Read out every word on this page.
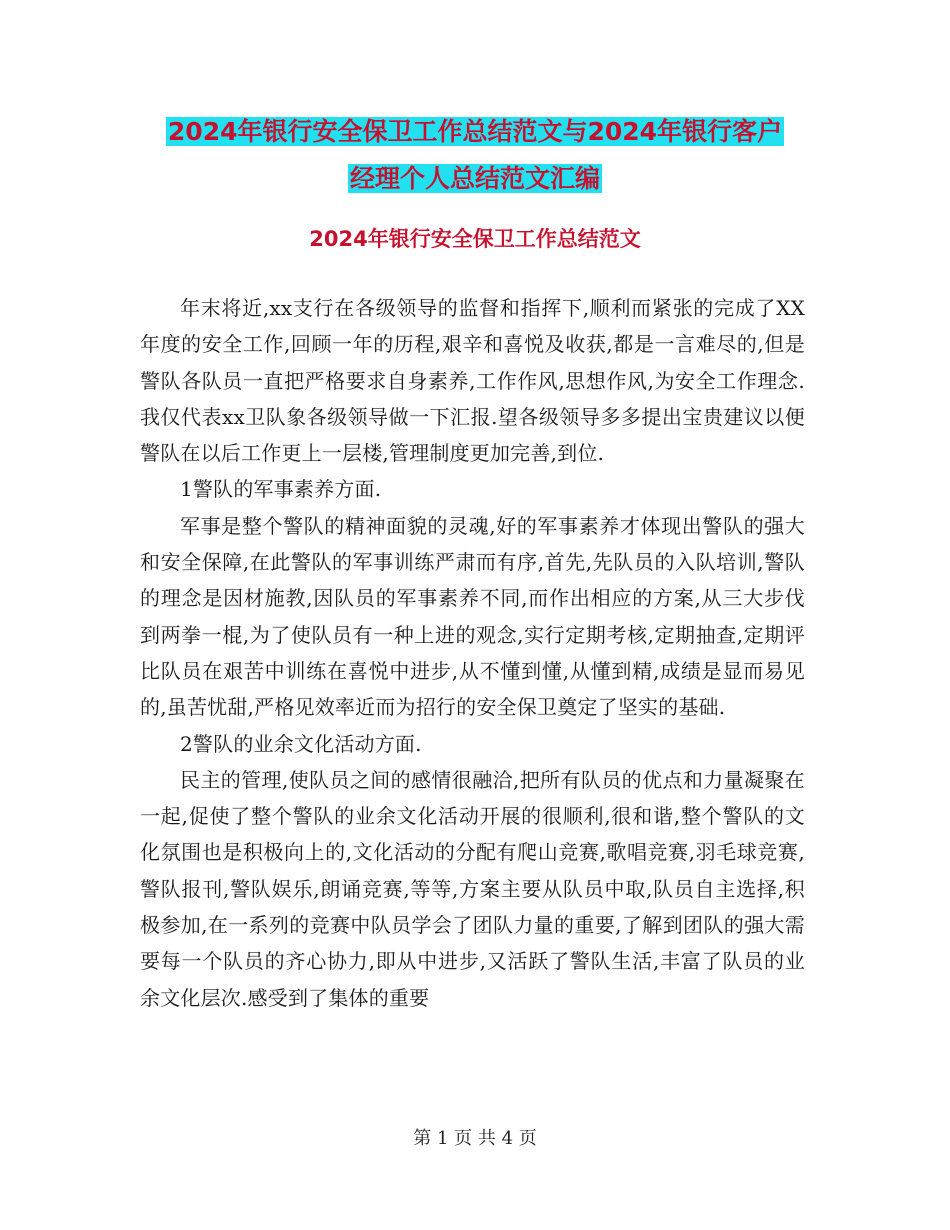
2024年银行安全保卫工作总结范文与2024年银行客户
经理个人总结范文汇编
2024年银行安全保卫工作总结范文

年末将近,xx支行在各级领导的监督和指挥下,顺利而紧张的完成了XX年度的安全工作,回顾一年的历程,艰辛和喜悦及收获,都是一言难尽的,但是警队各队员一直把严格要求自身素养,工作作风,思想作风,为安全工作理念.我仅代表xx卫队象各级领导做一下汇报.望各级领导多多提出宝贵建议以便警队在以后工作更上一层楼,管理制度更加完善,到位.

1警队的军事素养方面.

军事是整个警队的精神面貌的灵魂,好的军事素养才体现出警队的强大和安全保障,在此警队的军事训练严肃而有序,首先,先队员的入队培训,警队的理念是因材施教,因队员的军事素养不同,而作出相应的方案,从三大步伐到两拳一棍,为了使队员有一种上进的观念,实行定期考核,定期抽查,定期评比队员在艰苦中训练在喜悦中进步,从不懂到懂,从懂到精,成绩是显而易见的,虽苦忧甜,严格见效率近而为招行的安全保卫奠定了坚实的基础.

2警队的业余文化活动方面.

民主的管理,使队员之间的感情很融洽,把所有队员的优点和力量凝聚在一起,促使了整个警队的业余文化活动开展的很顺利,很和谐,整个警队的文化氛围也是积极向上的,文化活动的分配有爬山竞赛,歌唱竞赛,羽毛球竞赛,警队报刊,警队娱乐,朗诵竞赛,等等,方案主要从队员中取,队员自主选择,积极参加,在一系列的竞赛中队员学会了团队力量的重要,了解到团队的强大需要每一个队员的齐心协力,即从中进步,又活跃了警队生活,丰富了队员的业余文化层次.感受到了集体的重要

第 1 页 共 4 页
